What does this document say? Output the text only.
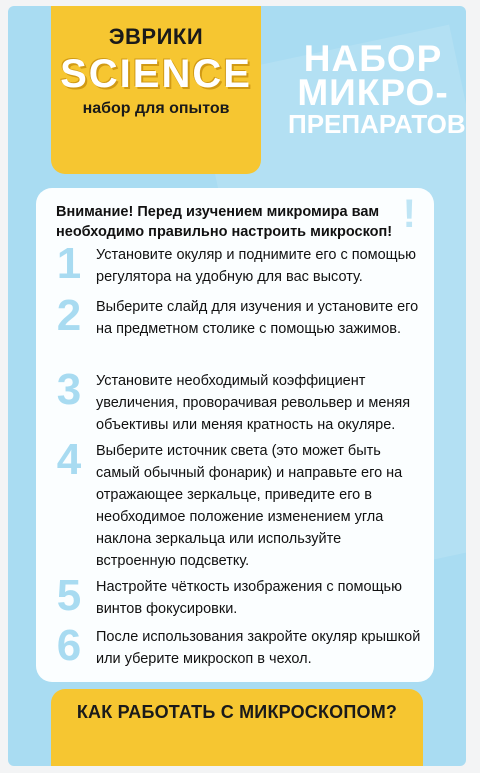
ЭВРИКИ
SCIENCE
набор для опытов
НАБОР
МИКРО-
ПРЕПАРАТОВ
Внимание! Перед изучением микромира вам необходимо правильно настроить микроскоп! !
1 Установите окуляр и поднимите его с помощью регулятора на удобную для вас высоту.
2 Выберите слайд для изучения и установите его на предметном столике с помощью зажимов.
3 Установите необходимый коэффициент увеличения, проворачивая револьвер и меняя объективы или меняя кратность на окуляре.
4 Выберите источник света (это может быть самый обычный фонарик) и направьте его на отражающее зеркальце, приведите его в необходимое положение изменением угла наклона зеркальца или используйте встроенную подсветку.
5 Настройте чёткость изображения с помощью винтов фокусировки.
6 После использования закройте окуляр крышкой или уберите микроскоп в чехол.
КАК РАБОТАТЬ С МИКРОСКОПОМ?
